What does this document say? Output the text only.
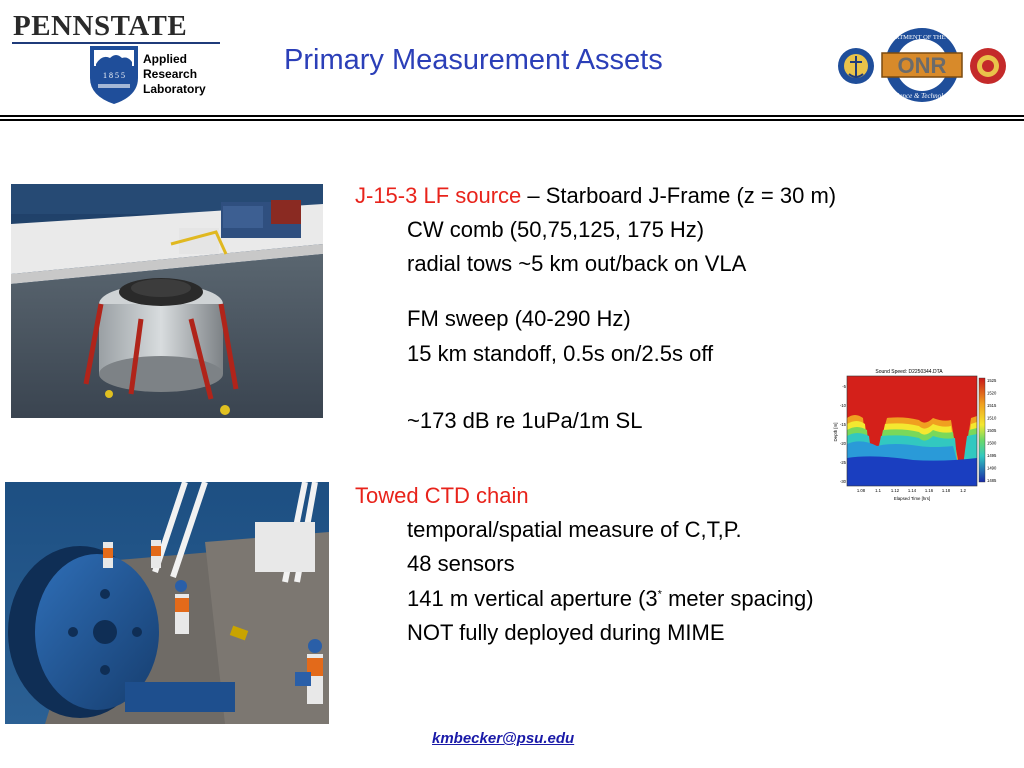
PENNSTATE
1 8 5 5
Applied
Research
Laboratory
Primary Measurement Assets
DEPARTMENT OF THE NAVY
Science & Technology
ONR
Sound Speed: D2250344.DTA
1525
1520
1515
1510
1505
1500
1495
1490
1485
-5
-10
-15
-20
-25
-30
1.08 1.1 1.12 1.14 1.16 1.18 1.2
Depth [m]
Elapsed Time [hrs]
J-15-3 LF source – Starboard J-Frame (z = 30 m)
CW comb (50,75,125, 175 Hz)
radial tows ~5 km out/back on VLA
FM sweep (40-290 Hz)
15 km standoff, 0.5s on/2.5s off
~173 dB re 1uPa/1m SL
Towed CTD chain
temporal/spatial measure of C,T,P.
48 sensors
141 m vertical aperture (3* meter spacing)
NOT fully deployed during MIME
kmbecker@psu.edu
